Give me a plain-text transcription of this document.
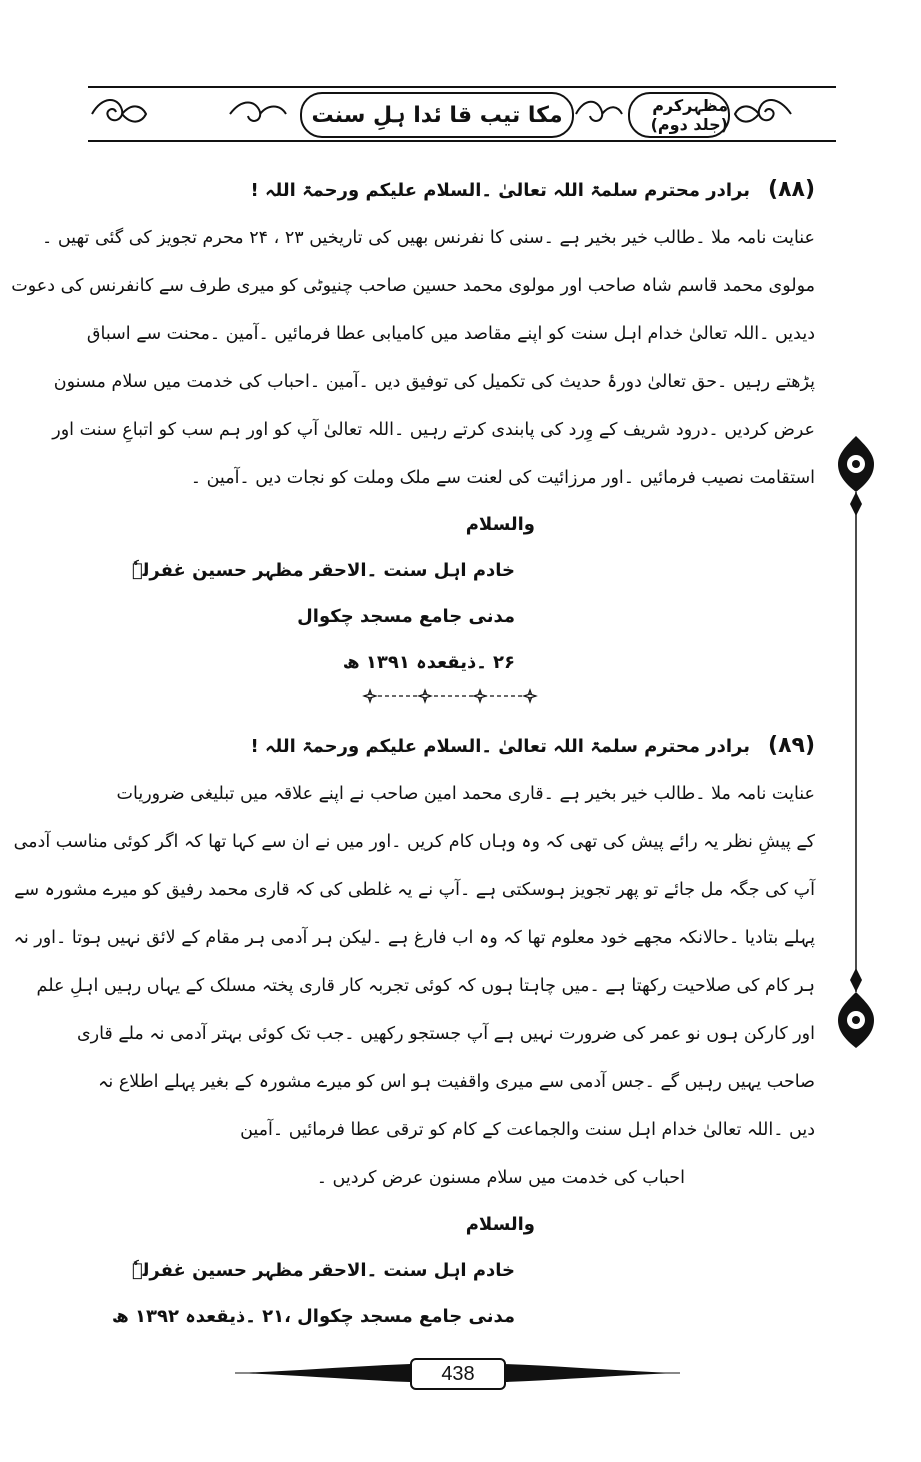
مکا تیب قا ئدا ہلِ سنت	مظہرکرم (جلد دوم)
(۸۸)برادر محترم سلمۃ اللہ تعالیٰ ۔السلام علیکم ورحمۃ اللہ !
عنایت نامہ ملا ۔طالب خیر بخیر ہے ۔سنی کا نفرنس بھیں کی تاریخیں ۲۳ ، ۲۴ محرم تجویز کی گئی تھیں ۔
مولوی محمد قاسم شاہ صاحب اور مولوی محمد حسین صاحب چنیوٹی کو میری طرف سے کانفرنس کی دعوت
دیدیں ۔اللہ تعالیٰ خدام اہل سنت کو اپنے مقاصد میں کامیابی عطا فرمائیں ۔آمین ۔محنت سے اسباق
پڑھتے رہیں ۔حق تعالیٰ دورۂ حدیث کی تکمیل کی توفیق دیں ۔آمین ۔احباب کی خدمت میں سلام مسنون
عرض کردیں ۔درود شریف کے وِرد کی پابندی کرتے رہیں ۔اللہ تعالیٰ آپ کو اور ہم سب کو اتباعِ سنت اور
استقامت نصیب فرمائیں ۔اور مرزائیت کی لعنت سے ملک وملت کو نجات دیں ۔آمین ۔
والسلام
خادم اہل سنت ۔الاحقر مظہر حسین غفرلہٗ
مدنی جامع مسجد چکوال
۲۶ ۔ذیقعدہ ۱۳۹۱ ھ
(۸۹)برادر محترم سلمۃ اللہ تعالیٰ ۔السلام علیکم ورحمۃ اللہ !
عنایت نامہ ملا ۔طالب خیر بخیر ہے ۔قاری محمد امین صاحب نے اپنے علاقہ میں تبلیغی ضروریات
کے پیشِ نظر یہ رائے پیش کی تھی کہ وہ وہاں کام کریں ۔اور میں نے ان سے کہا تھا کہ اگر کوئی مناسب آدمی
آپ کی جگہ مل جائے تو پھر تجویز ہوسکتی ہے ۔آپ نے یہ غلطی کی کہ قاری محمد رفیق کو میرے مشورہ سے
پہلے بتادیا ۔حالانکہ مجھے خود معلوم تھا کہ وہ اب فارغ ہے ۔لیکن ہر آدمی ہر مقام کے لائق نہیں ہوتا ۔اور نہ
ہر کام کی صلاحیت رکھتا ہے ۔میں چاہتا ہوں کہ کوئی تجربہ کار قاری پختہ مسلک کے یہاں رہیں اہلِ علم
اور کارکن ہوں نو عمر کی ضرورت نہیں ہے آپ جستجو رکھیں ۔جب تک کوئی بہتر آدمی نہ ملے قاری
صاحب یہیں رہیں گے ۔جس آدمی سے میری واقفیت ہو اس کو میرے مشورہ کے بغیر پہلے اطلاع نہ
دیں ۔اللہ تعالیٰ خدام اہل سنت والجماعت کے کام کو ترقی عطا فرمائیں ۔آمین
احباب کی خدمت میں سلام مسنون عرض کردیں ۔
والسلام
خادم اہل سنت ۔الاحقر مظہر حسین غفرلہٗ
مدنی جامع مسجد چکوال ،۲۱ ۔ذیقعدہ ۱۳۹۲ ھ
438
